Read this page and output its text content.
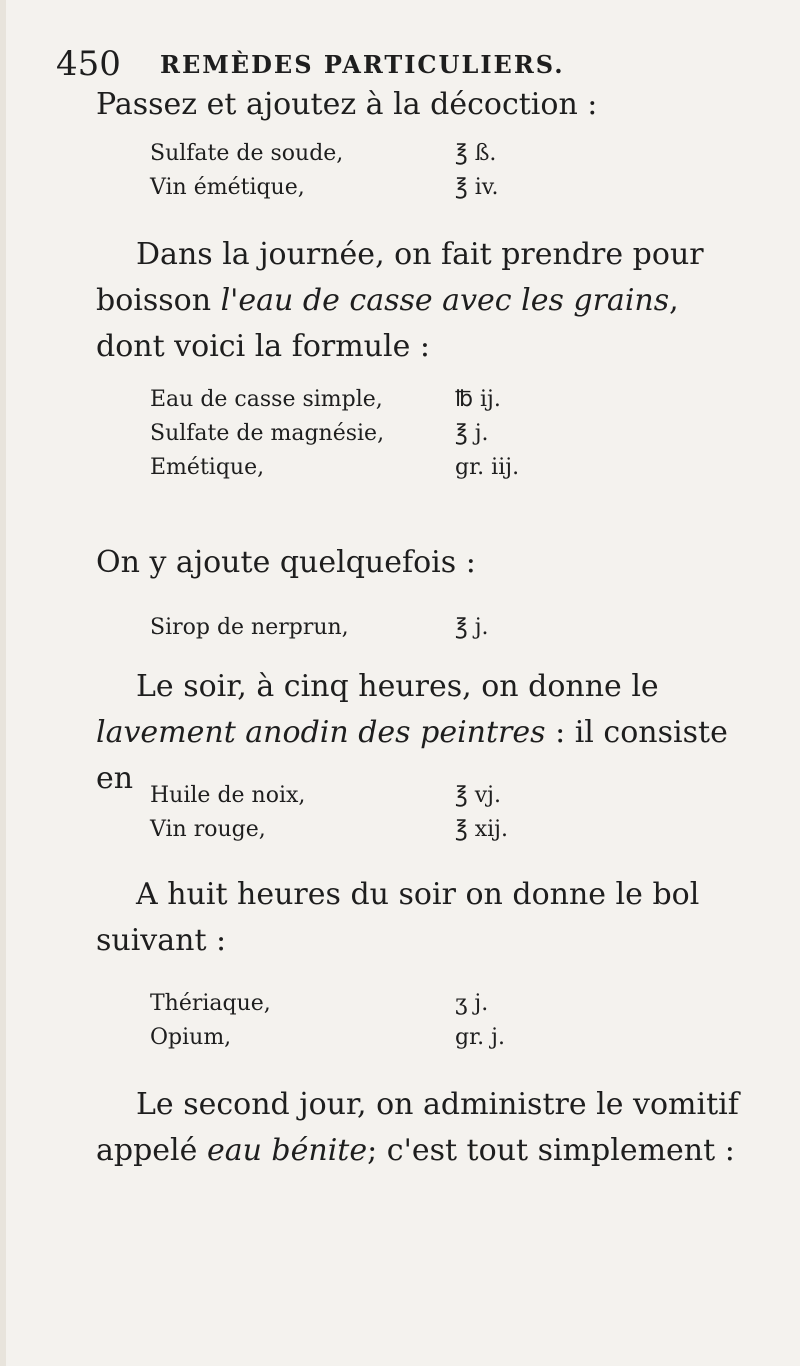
450 REMÈDES PARTICULIERS.

Passez et ajoutez à la décoction :

Sulfate de soude,	℥ ß.
Vin émétique,	℥ iv.

Dans la journée, on fait prendre pour boisson l'eau de casse avec les grains, dont voici la formule :

Eau de casse simple,	℔ ij.
Sulfate de magnésie,	℥ j.
Emétique,	gr. iij.

On y ajoute quelquefois :

Sirop de nerprun,	℥ j.

Le soir, à cinq heures, on donne le lavement anodin des peintres : il consiste en Huile de noix,	℥ vj.
Vin rouge,	℥ xij.

A huit heures du soir on donne le bol suivant :

Thériaque,	ʒ j.
Opium,	gr. j.

Le second jour, on administre le vomitif appelé eau bénite; c'est tout simplement :
